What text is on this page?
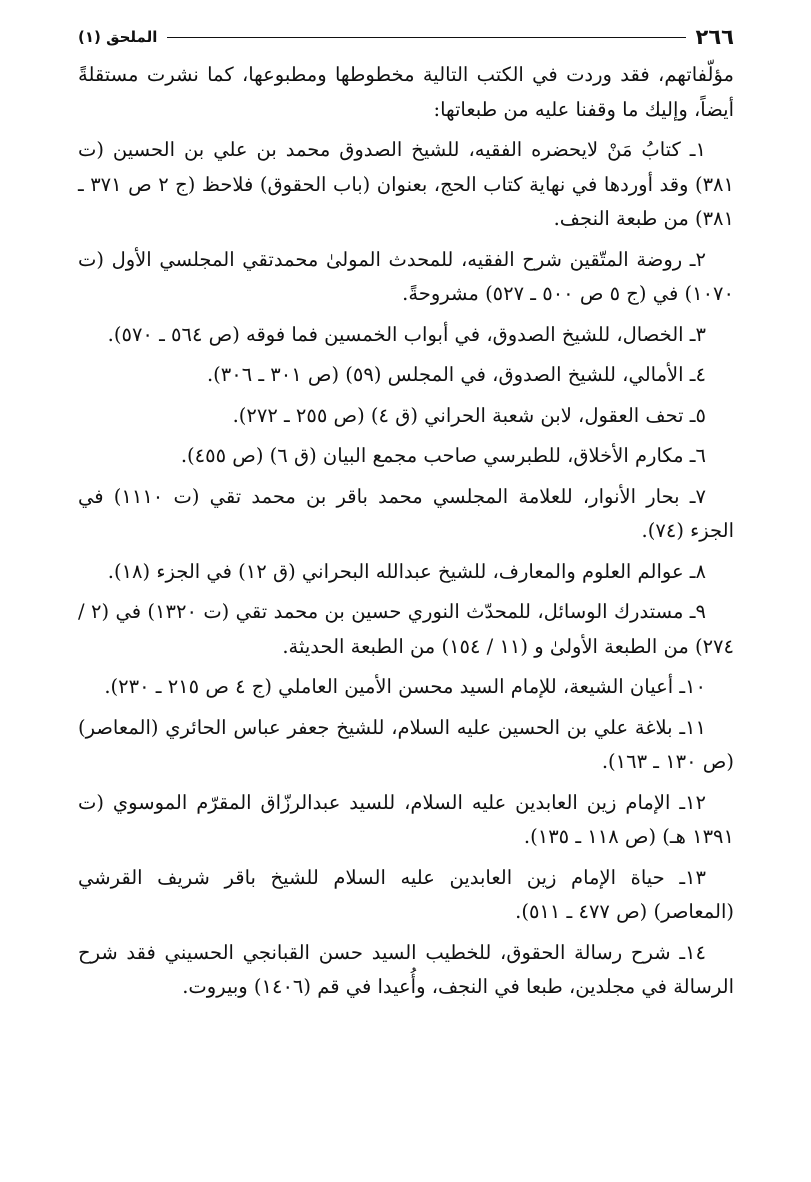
٢٦٦
الملحق (١)

مؤلّفاتهم، فقد وردت في الكتب التالية مخطوطها ومطبوعها، كما نشرت مستقلةً أيضاً، وإليك ما وقفنا عليه من طبعاتها:

١ـ كتابُ مَنْ لايحضره الفقيه، للشيخ الصدوق محمد بن علي بن الحسين (ت ٣٨١) وقد أوردها في نهاية كتاب الحج، بعنوان (باب الحقوق) فلاحظ (ج ٢ ص ٣٧١ ـ ٣٨١) من طبعة النجف.

٢ـ روضة المتّقين شرح الفقيه، للمحدث المولىٰ محمدتقي المجلسي الأول (ت ١٠٧٠) في (ج ٥ ص ٥٠٠ ـ ٥٢٧) مشروحةً.

٣ـ الخصال، للشيخ الصدوق، في أبواب الخمسين فما فوقه (ص ٥٦٤ ـ ٥٧٠).

٤ـ الأمالي، للشيخ الصدوق، في المجلس (٥٩) (ص ٣٠١ ـ ٣٠٦).

٥ـ تحف العقول، لابن شعبة الحراني (ق ٤) (ص ٢٥٥ ـ ٢٧٢).

٦ـ مكارم الأخلاق، للطبرسي صاحب مجمع البيان (ق ٦) (ص ٤٥٥).

٧ـ بحار الأنوار، للعلامة المجلسي محمد باقر بن محمد تقي (ت ١١١٠) في الجزء (٧٤).

٨ـ عوالم العلوم والمعارف، للشيخ عبدالله البحراني (ق ١٢) في الجزء (١٨).

٩ـ مستدرك الوسائل، للمحدّث النوري حسين بن محمد تقي (ت ١٣٢٠) في (٢ / ٢٧٤) من الطبعة الأولىٰ و (١١ / ١٥٤) من الطبعة الحديثة.

١٠ـ أعيان الشيعة، للإمام السيد محسن الأمين العاملي (ج ٤ ص ٢١٥ ـ ٢٣٠).

١١ـ بلاغة علي بن الحسين عليه السلام، للشيخ جعفر عباس الحائري (المعاصر) (ص ١٣٠ ـ ١٦٣).

١٢ـ الإمام زين العابدين عليه السلام، للسيد عبدالرزّاق المقرّم الموسوي (ت ١٣٩١ هـ) (ص ١١٨ ـ ١٣٥).

١٣ـ حياة الإمام زين العابدين عليه السلام للشيخ باقر شريف القرشي (المعاصر) (ص ٤٧٧ ـ ٥١١).

١٤ـ شرح رسالة الحقوق، للخطيب السيد حسن القبانجي الحسيني فقد شرح الرسالة في مجلدين، طبعا في النجف، وأُعيدا في قم (١٤٠٦) وبيروت.
